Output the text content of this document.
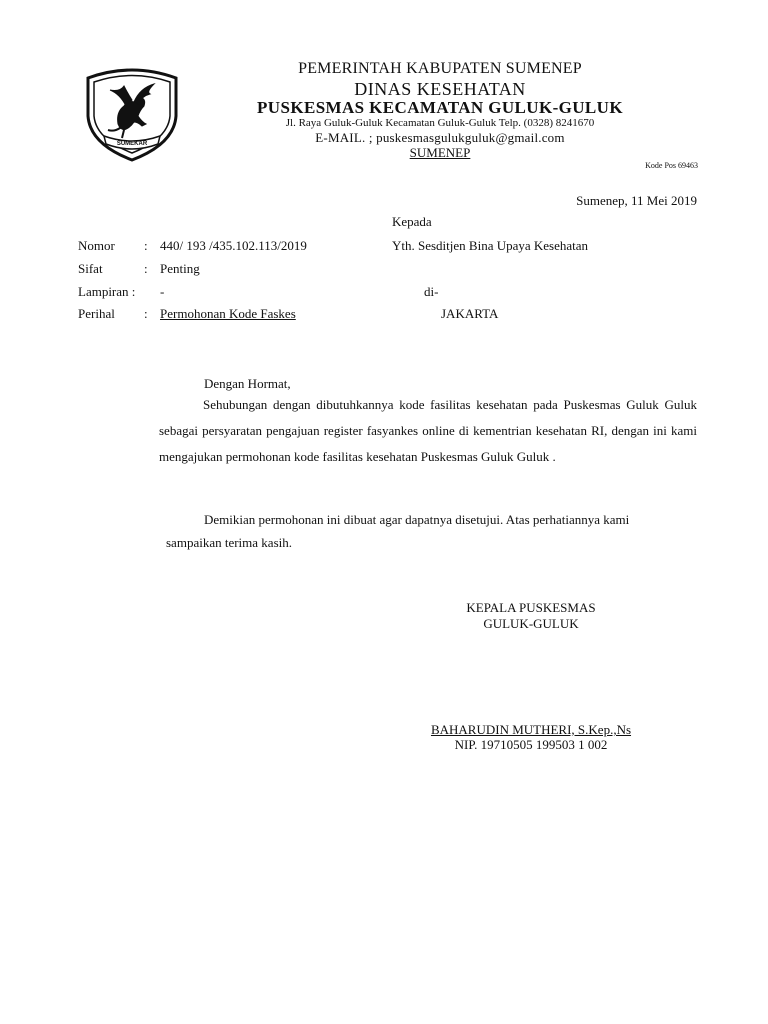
SUMEKAR
PEMERINTAH KABUPATEN SUMENEP
DINAS KESEHATAN
PUSKESMAS KECAMATAN GULUK-GULUK
Jl. Raya Guluk-Guluk Kecamatan Guluk-Guluk Telp. (0328) 8241670
E-MAIL. ; puskesmasgulukguluk@gmail.com
SUMENEP
Kode Pos 69463
Sumenep, 11 Mei 2019
Kepada
Yth. Sesditjen Bina Upaya Kesehatan
di-
JAKARTA
Nomor : 440/ 193 /435.102.113/2019
Sifat	: Penting
Lampiran : -
Perihal : Permohonan Kode Faskes
Dengan Hormat,
Sehubungan dengan dibutuhkannya kode fasilitas kesehatan pada Puskesmas Guluk Guluk sebagai persyaratan pengajuan register fasyankes online di kementrian kesehatan RI, dengan ini kami mengajukan permohonan kode fasilitas kesehatan Puskesmas Guluk Guluk .
Demikian permohonan ini dibuat agar dapatnya disetujui. Atas perhatiannya kami
sampaikan terima kasih.
KEPALA PUSKESMAS
GULUK-GULUK
BAHARUDIN MUTHERI, S.Kep.,Ns
NIP. 19710505 199503 1 002
